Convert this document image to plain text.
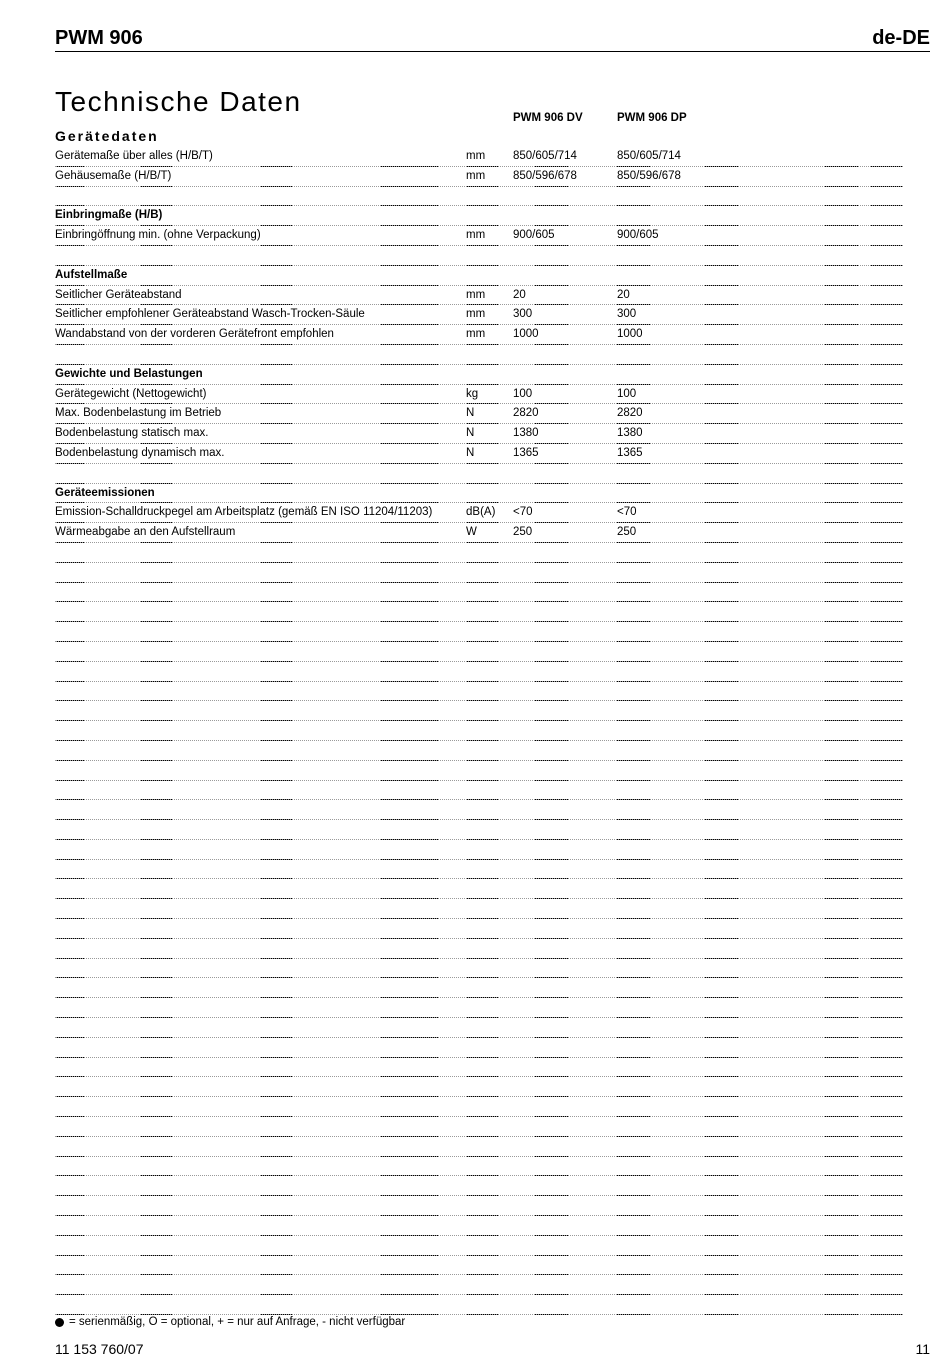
PWM 906	de-DE
Technische Daten
PWM 906 DV	PWM 906 DP
Gerätedaten
Gerätemaße über alles (H/B/T)	mm 850/605/714	850/605/714
Gehäusemaße (H/B/T)	mm 850/596/678	850/596/678
Einbringmaße (H/B)
Einbringöffnung min. (ohne Verpackung)	mm 900/605	900/605
Aufstellmaße
Seitlicher Geräteabstand	mm 20	20
Seitlicher empfohlener Geräteabstand Wasch-Trocken-Säule	mm 300	300
Wandabstand von der vorderen Gerätefront empfohlen	mm 1000	1000
Gewichte und Belastungen
Gerätegewicht (Nettogewicht)	kg	100	100
Max. Bodenbelastung im Betrieb	N	2820	2820
Bodenbelastung statisch max.	N	1380	1380
Bodenbelastung dynamisch max.	N	1365	1365
Geräteemissionen
Emission-Schalldruckpegel am Arbeitsplatz (gemäß EN ISO 11204/11203)	dB(A) <70	<70
Wärmeabgabe an den Aufstellraum	W	250	250
= serienmäßig, O = optional, + = nur auf Anfrage, - nicht verfügbar
11 153 760/07	11
